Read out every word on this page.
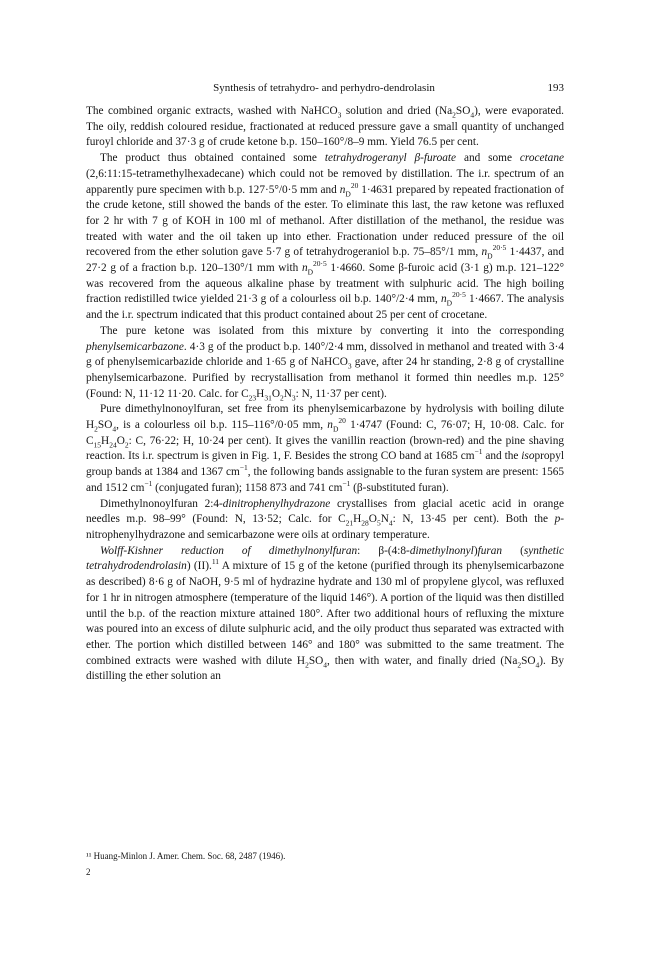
Synthesis of tetrahydro- and perhydro-dendrolasin	193

The combined organic extracts, washed with NaHCO$_3$ solution and dried $(Na_2SO_4)$, were evaporated. The oily, reddish coloured residue, fractionated at reduced pressure gave a small quantity of unchanged furoyl chloride and 37·3 g of crude ketone b.p. 150–160°/8–9 mm. Yield 76.5 per cent.

The product thus obtained contained some tetrahydrogeranyl β-furoate and some crocetane (2,6:11:15-tetramethylhexadecane) which could not be removed by distillation. The i.r. spectrum of an apparently pure specimen with b.p. 127·5°/0·5 mm and $n_D^{20}$ 1·4631 prepared by repeated fractionation of the crude ketone, still showed the bands of the ester. To eliminate this last, the raw ketone was refluxed for 2 hr with 7 g of KOH in 100 ml of methanol. After distillation of the methanol, the residue was treated with water and the oil taken up into ether. Fractionation under reduced pressure of the oil recovered from the ether solution gave 5·7 g of tetrahydrogeraniol b.p. 75–85°/1 mm, $n_D^{20\cdot 5}$ 1·4437, and 27·2 g of a fraction b.p. 120–130°/1 mm with $n_D^{20\cdot 5}$ 1·4660. Some β-furoic acid (3·1 g) m.p. 121–122° was recovered from the aqueous alkaline phase by treatment with sulphuric acid. The high boiling fraction redistilled twice yielded 21·3 g of a colourless oil b.p. 140°/2·4 mm, $n_D^{20\cdot 5}$ 1·4667. The analysis and the i.r. spectrum indicated that this product contained about 25 per cent of crocetane.

The pure ketone was isolated from this mixture by converting it into the corresponding phenylsemicarbazone. 4·3 g of the product b.p. 140°/2·4 mm, dissolved in methanol and treated with 3·4 g of phenylsemicarbazide chloride and 1·65 g of NaHCO$_3$ gave, after 24 hr standing, 2·8 g of crystalline phenylsemicarbazone. Purified by recrystallisation from methanol it formed thin needles m.p. 125° (Found: N, 11·12 11·20. Calc. for $C_{23}H_{31}O_2N_3$: N, 11·37 per cent).

Pure dimethylnonoylfuran, set free from its phenylsemicarbazone by hydrolysis with boiling dilute $H_2SO_4$, is a colourless oil b.p. 115–116°/0·05 mm, $n_D^{20}$ 1·4747 (Found: C, 76·07; H, 10·08. Calc. for $C_{15}H_{24}O_2$: C, 76·22; H, 10·24 per cent). It gives the vanillin reaction (brown-red) and the pine shaving reaction. Its i.r. spectrum is given in Fig. 1, F. Besides the strong CO band at 1685 $cm^{-1}$ and the isopropyl group bands at 1384 and 1367 $cm^{-1}$, the following bands assignable to the furan system are present: 1565 and 1512 $cm^{-1}$ (conjugated furan); 1158 873 and 741 $cm^{-1}$ (β-substituted furan).

Dimethylnonoylfuran 2:4-dinitrophenylhydrazone crystallises from glacial acetic acid in orange needles m.p. 98–99° (Found: N, 13·52; Calc. for $C_{21}H_{28}O_5N_4$: N, 13·45 per cent). Both the p-nitrophenylhydrazone and semicarbazone were oils at ordinary temperature.

Wolff-Kishner reduction of dimethylnonylfuran: β-(4:8-dimethylnonyl)furan (synthetic tetrahydrodendrolasin) (II).$^{11}$ A mixture of 15 g of the ketone (purified through its phenylsemicarbazone as described) 8·6 g of NaOH, 9·5 ml of hydrazine hydrate and 130 ml of propylene glycol, was refluxed for 1 hr in nitrogen atmosphere (temperature of the liquid 146°). A portion of the liquid was then distilled until the b.p. of the reaction mixture attained 180°. After two additional hours of refluxing the mixture was poured into an excess of dilute sulphuric acid, and the oily product thus separated was extracted with ether. The portion which distilled between 146° and 180° was submitted to the same treatment. The combined extracts were washed with dilute $H_2SO_4$, then with water, and finally dried $(Na_2SO_4)$. By distilling the ether solution an

¹¹ Huang-Minlon J. Amer. Chem. Soc. 68, 2487 (1946).
2
